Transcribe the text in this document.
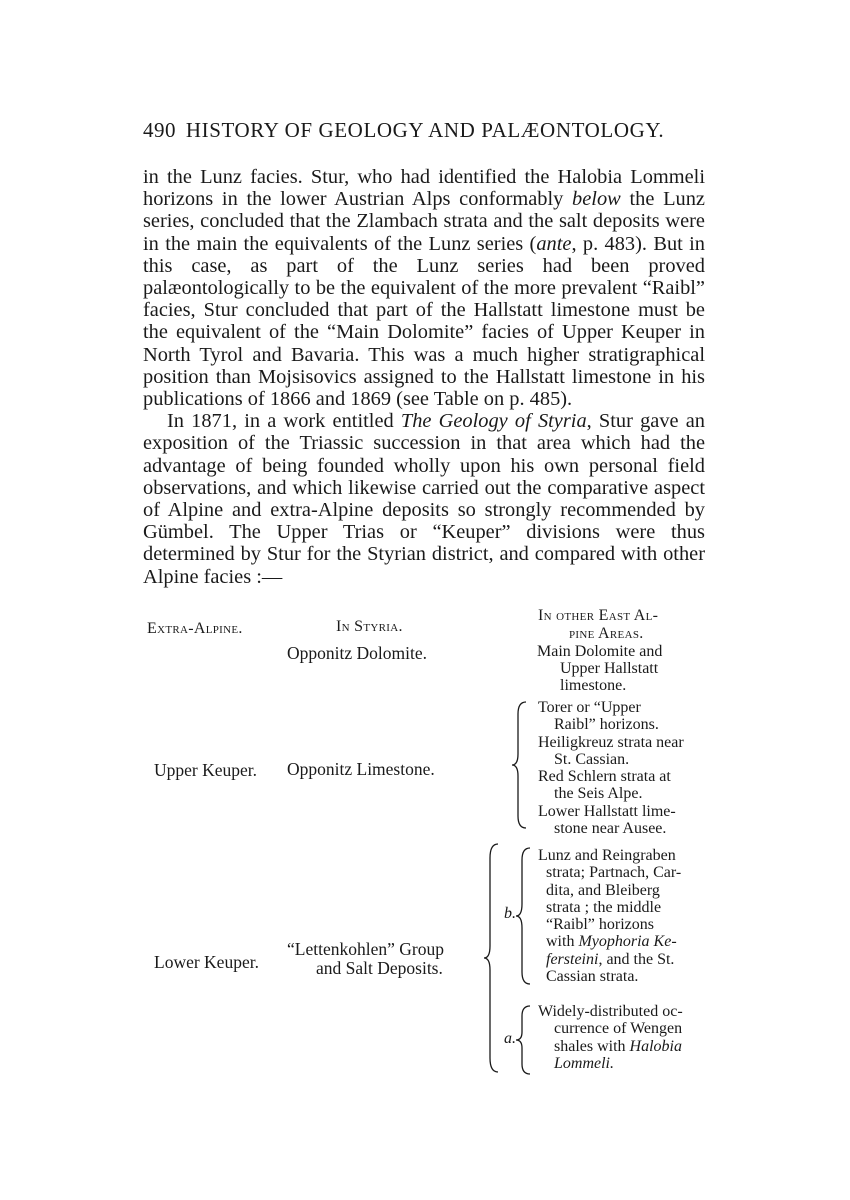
490 HISTORY OF GEOLOGY AND PALÆONTOLOGY.

in the Lunz facies. Stur, who had identified the Halobia Lommeli horizons in the lower Austrian Alps conformably below the Lunz series, concluded that the Zlambach strata and the salt deposits were in the main the equivalents of the Lunz series (ante, p. 483). But in this case, as part of the Lunz series had been proved palæontologically to be the equivalent of the more prevalent “Raibl” facies, Stur concluded that part of the Hallstatt limestone must be the equivalent of the “Main Dolomite” facies of Upper Keuper in North Tyrol and Bavaria. This was a much higher stratigraphical position than Mojsisovics assigned to the Hallstatt limestone in his publications of 1866 and 1869 (see Table on p. 485).

In 1871, in a work entitled The Geology of Styria, Stur gave an exposition of the Triassic succession in that area which had the advantage of being founded wholly upon his own personal field observations, and which likewise carried out the comparative aspect of Alpine and extra-Alpine deposits so strongly recommended by Gümbel. The Upper Trias or “Keuper” divisions were thus determined by Stur for the Styrian district, and compared with other Alpine facies :—

Extra-Alpine.	In Styria.
In other East Al-
pine Areas.
Opponitz Dolomite.	Main Dolomite and
Upper Hallstatt
limestone.
Upper Keuper. Opponitz Limestone.
Torer or “Upper
Raibl” horizons.
Heiligkreuz strata near
St. Cassian.
Red Schlern strata at
the Seis Alpe.
Lower Hallstatt lime-
stone near Ausee.
Lower Keuper.
“Lettenkohlen” Group
and Salt Deposits.
b.
Lunz and Reingraben
strata; Partnach, Car-
dita, and Bleiberg
strata ; the middle
“Raibl” horizons
with Myophoria Ke-
fersteini, and the St.
Cassian strata.
a.
Widely-distributed oc-
currence of Wengen
shales with Halobia
Lommeli.
